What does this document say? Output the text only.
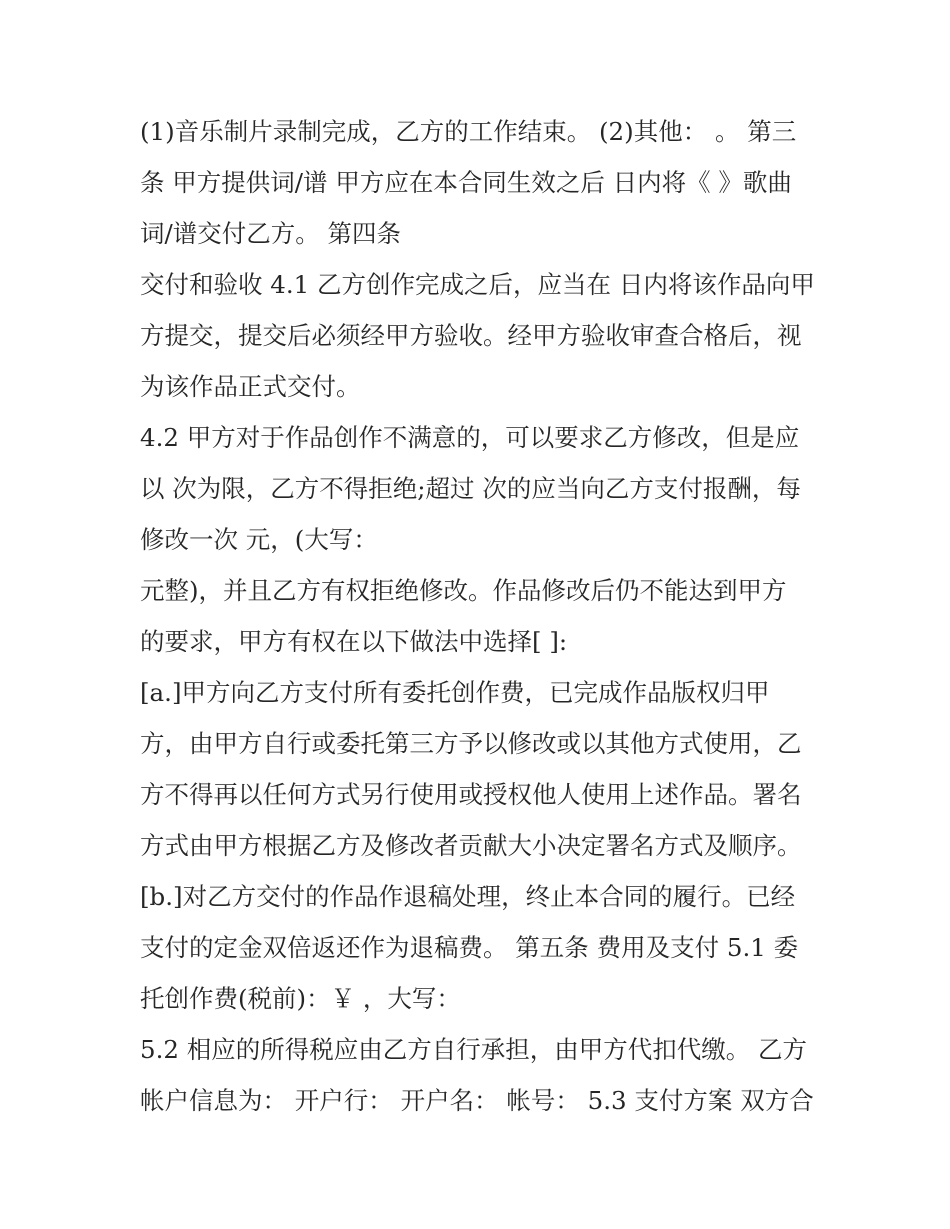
(1)音乐制片录制完成，乙方的工作结束。 (2)其他： 。 第三
条 甲方提供词/谱 甲方应在本合同生效之后 日内将《 》歌曲
词/谱交付乙方。 第四条
交付和验收 4.1 乙方创作完成之后，应当在 日内将该作品向甲
方提交，提交后必须经甲方验收。经甲方验收审查合格后，视
为该作品正式交付。
4.2 甲方对于作品创作不满意的，可以要求乙方修改，但是应
以 次为限，乙方不得拒绝;超过 次的应当向乙方支付报酬，每
修改一次 元，(大写：
元整)，并且乙方有权拒绝修改。作品修改后仍不能达到甲方
的要求，甲方有权在以下做法中选择[ ]:
[a.]甲方向乙方支付所有委托创作费，已完成作品版权归甲
方，由甲方自行或委托第三方予以修改或以其他方式使用，乙
方不得再以任何方式另行使用或授权他人使用上述作品。署名
方式由甲方根据乙方及修改者贡献大小决定署名方式及顺序。
[b.]对乙方交付的作品作退稿处理，终止本合同的履行。已经
支付的定金双倍返还作为退稿费。 第五条 费用及支付 5.1 委
托创作费(税前)：￥ ，大写：
5.2 相应的所得税应由乙方自行承担，由甲方代扣代缴。 乙方
帐户信息为： 开户行： 开户名： 帐号： 5.3 支付方案 双方合
